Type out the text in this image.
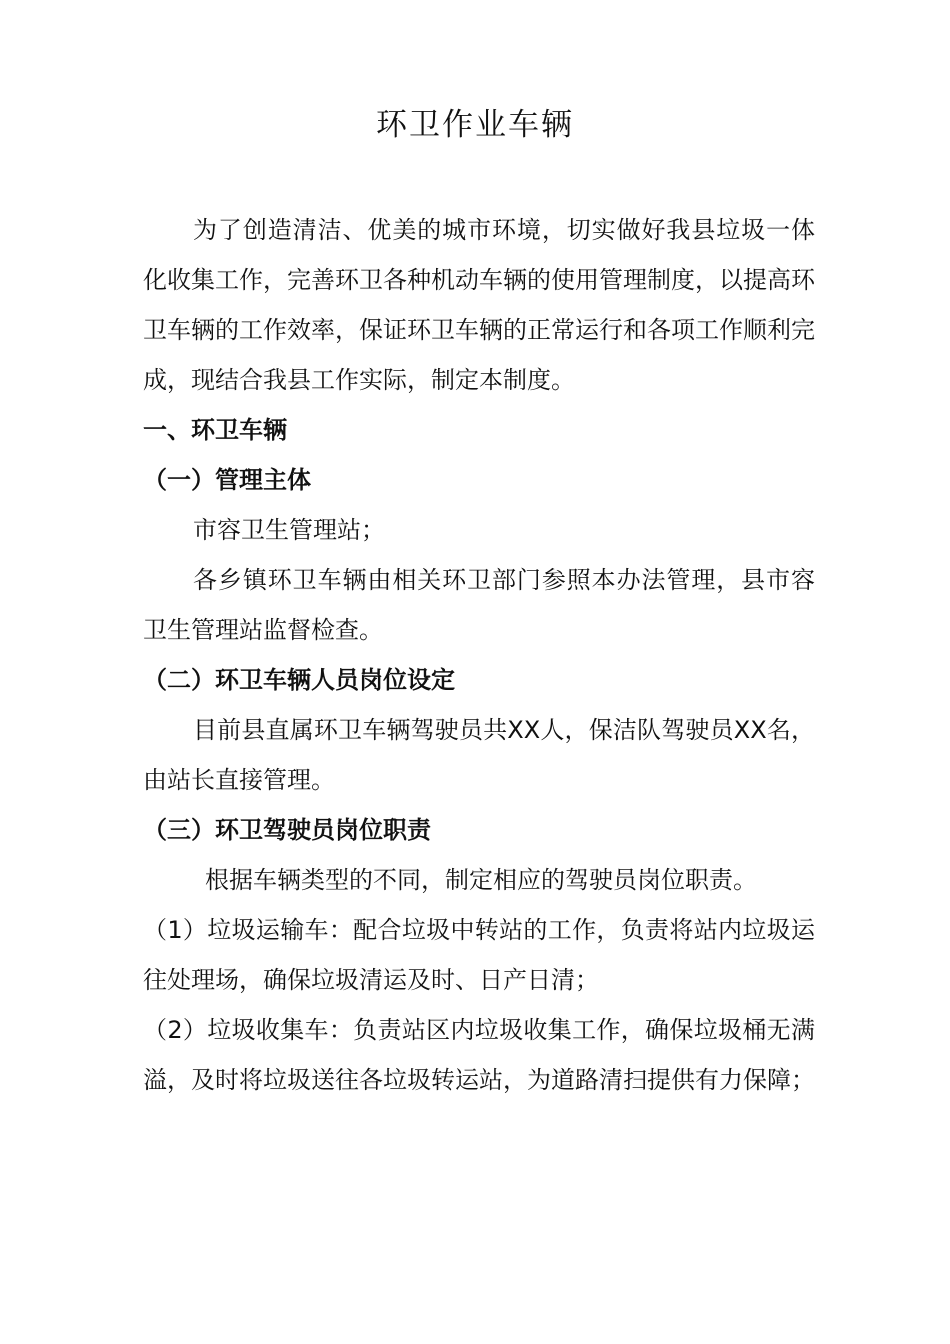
环卫作业车辆

为了创造清洁、优美的城市环境，切实做好我县垃圾一体化收集工作，完善环卫各种机动车辆的使用管理制度，以提高环卫车辆的工作效率，保证环卫车辆的正常运行和各项工作顺利完成，现结合我县工作实际，制定本制度。

一、环卫车辆

（一）管理主体

市容卫生管理站；

各乡镇环卫车辆由相关环卫部门参照本办法管理，县市容卫生管理站监督检查。

（二）环卫车辆人员岗位设定

目前县直属环卫车辆驾驶员共XX人，保洁队驾驶员XX名，由站长直接管理。

（三）环卫驾驶员岗位职责

根据车辆类型的不同，制定相应的驾驶员岗位职责。

（1）垃圾运输车：配合垃圾中转站的工作，负责将站内垃圾运往处理场，确保垃圾清运及时、日产日清；

（2）垃圾收集车：负责站区内垃圾收集工作，确保垃圾桶无满溢，及时将垃圾送往各垃圾转运站，为道路清扫提供有力保障；
